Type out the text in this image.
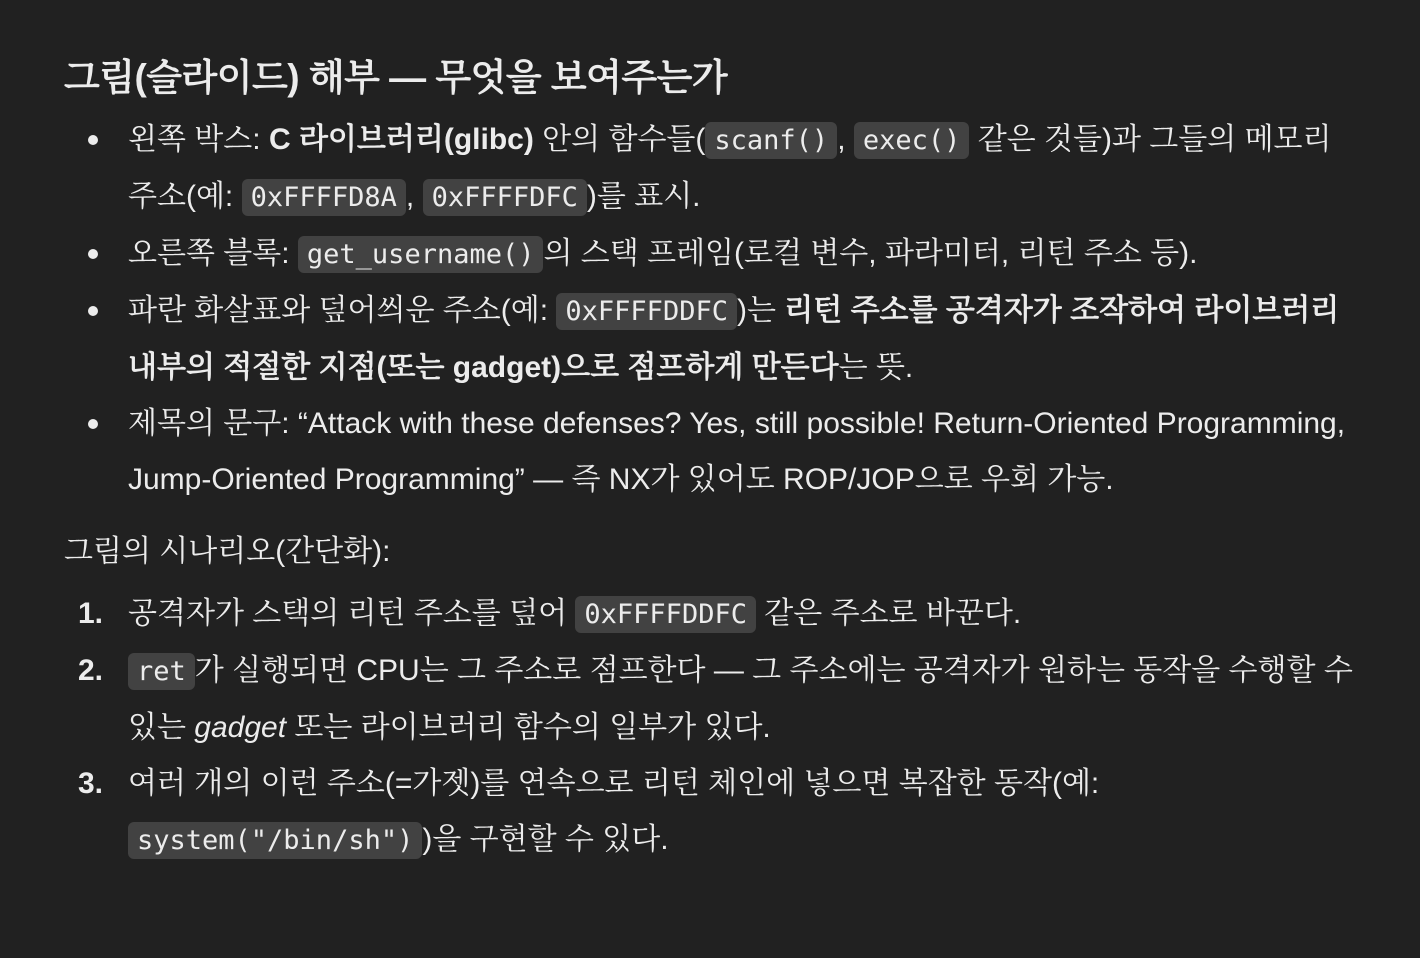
그림(슬라이드) 해부 — 무엇을 보여주는가
왼쪽 박스: C 라이브러리(glibc) 안의 함수들( scanf() , exec() 같은 것들)과 그들의 메모리 주소(예: 0xFFFFD8A , 0xFFFFDFC )를 표시.
오른쪽 블록: get_username() 의 스택 프레임(로컬 변수, 파라미터, 리턴 주소 등).
파란 화살표와 덮어씌운 주소(예: 0xFFFFDDFC )는 리턴 주소를 공격자가 조작하여 라이브러리 내부의 적절한 지점(또는 gadget)으로 점프하게 만든다는 뜻.
제목의 문구: “Attack with these defenses? Yes, still possible! Return-Oriented Programming, Jump-Oriented Programming” — 즉 NX가 있어도 ROP/JOP으로 우회 가능.

그림의 시나리오(간단화):

1. 공격자가 스택의 리턴 주소를 덮어 0xFFFFDDFC 같은 주소로 바꾼다.
2. ret 가 실행되면 CPU는 그 주소로 점프한다 — 그 주소에는 공격자가 원하는 동작을 수행할 수 있는 gadget 또는 라이브러리 함수의 일부가 있다.
3. 여러 개의 이런 주소(=가젯)를 연속으로 리턴 체인에 넣으면 복잡한 동작(예: system("/bin/sh") )을 구현할 수 있다.
